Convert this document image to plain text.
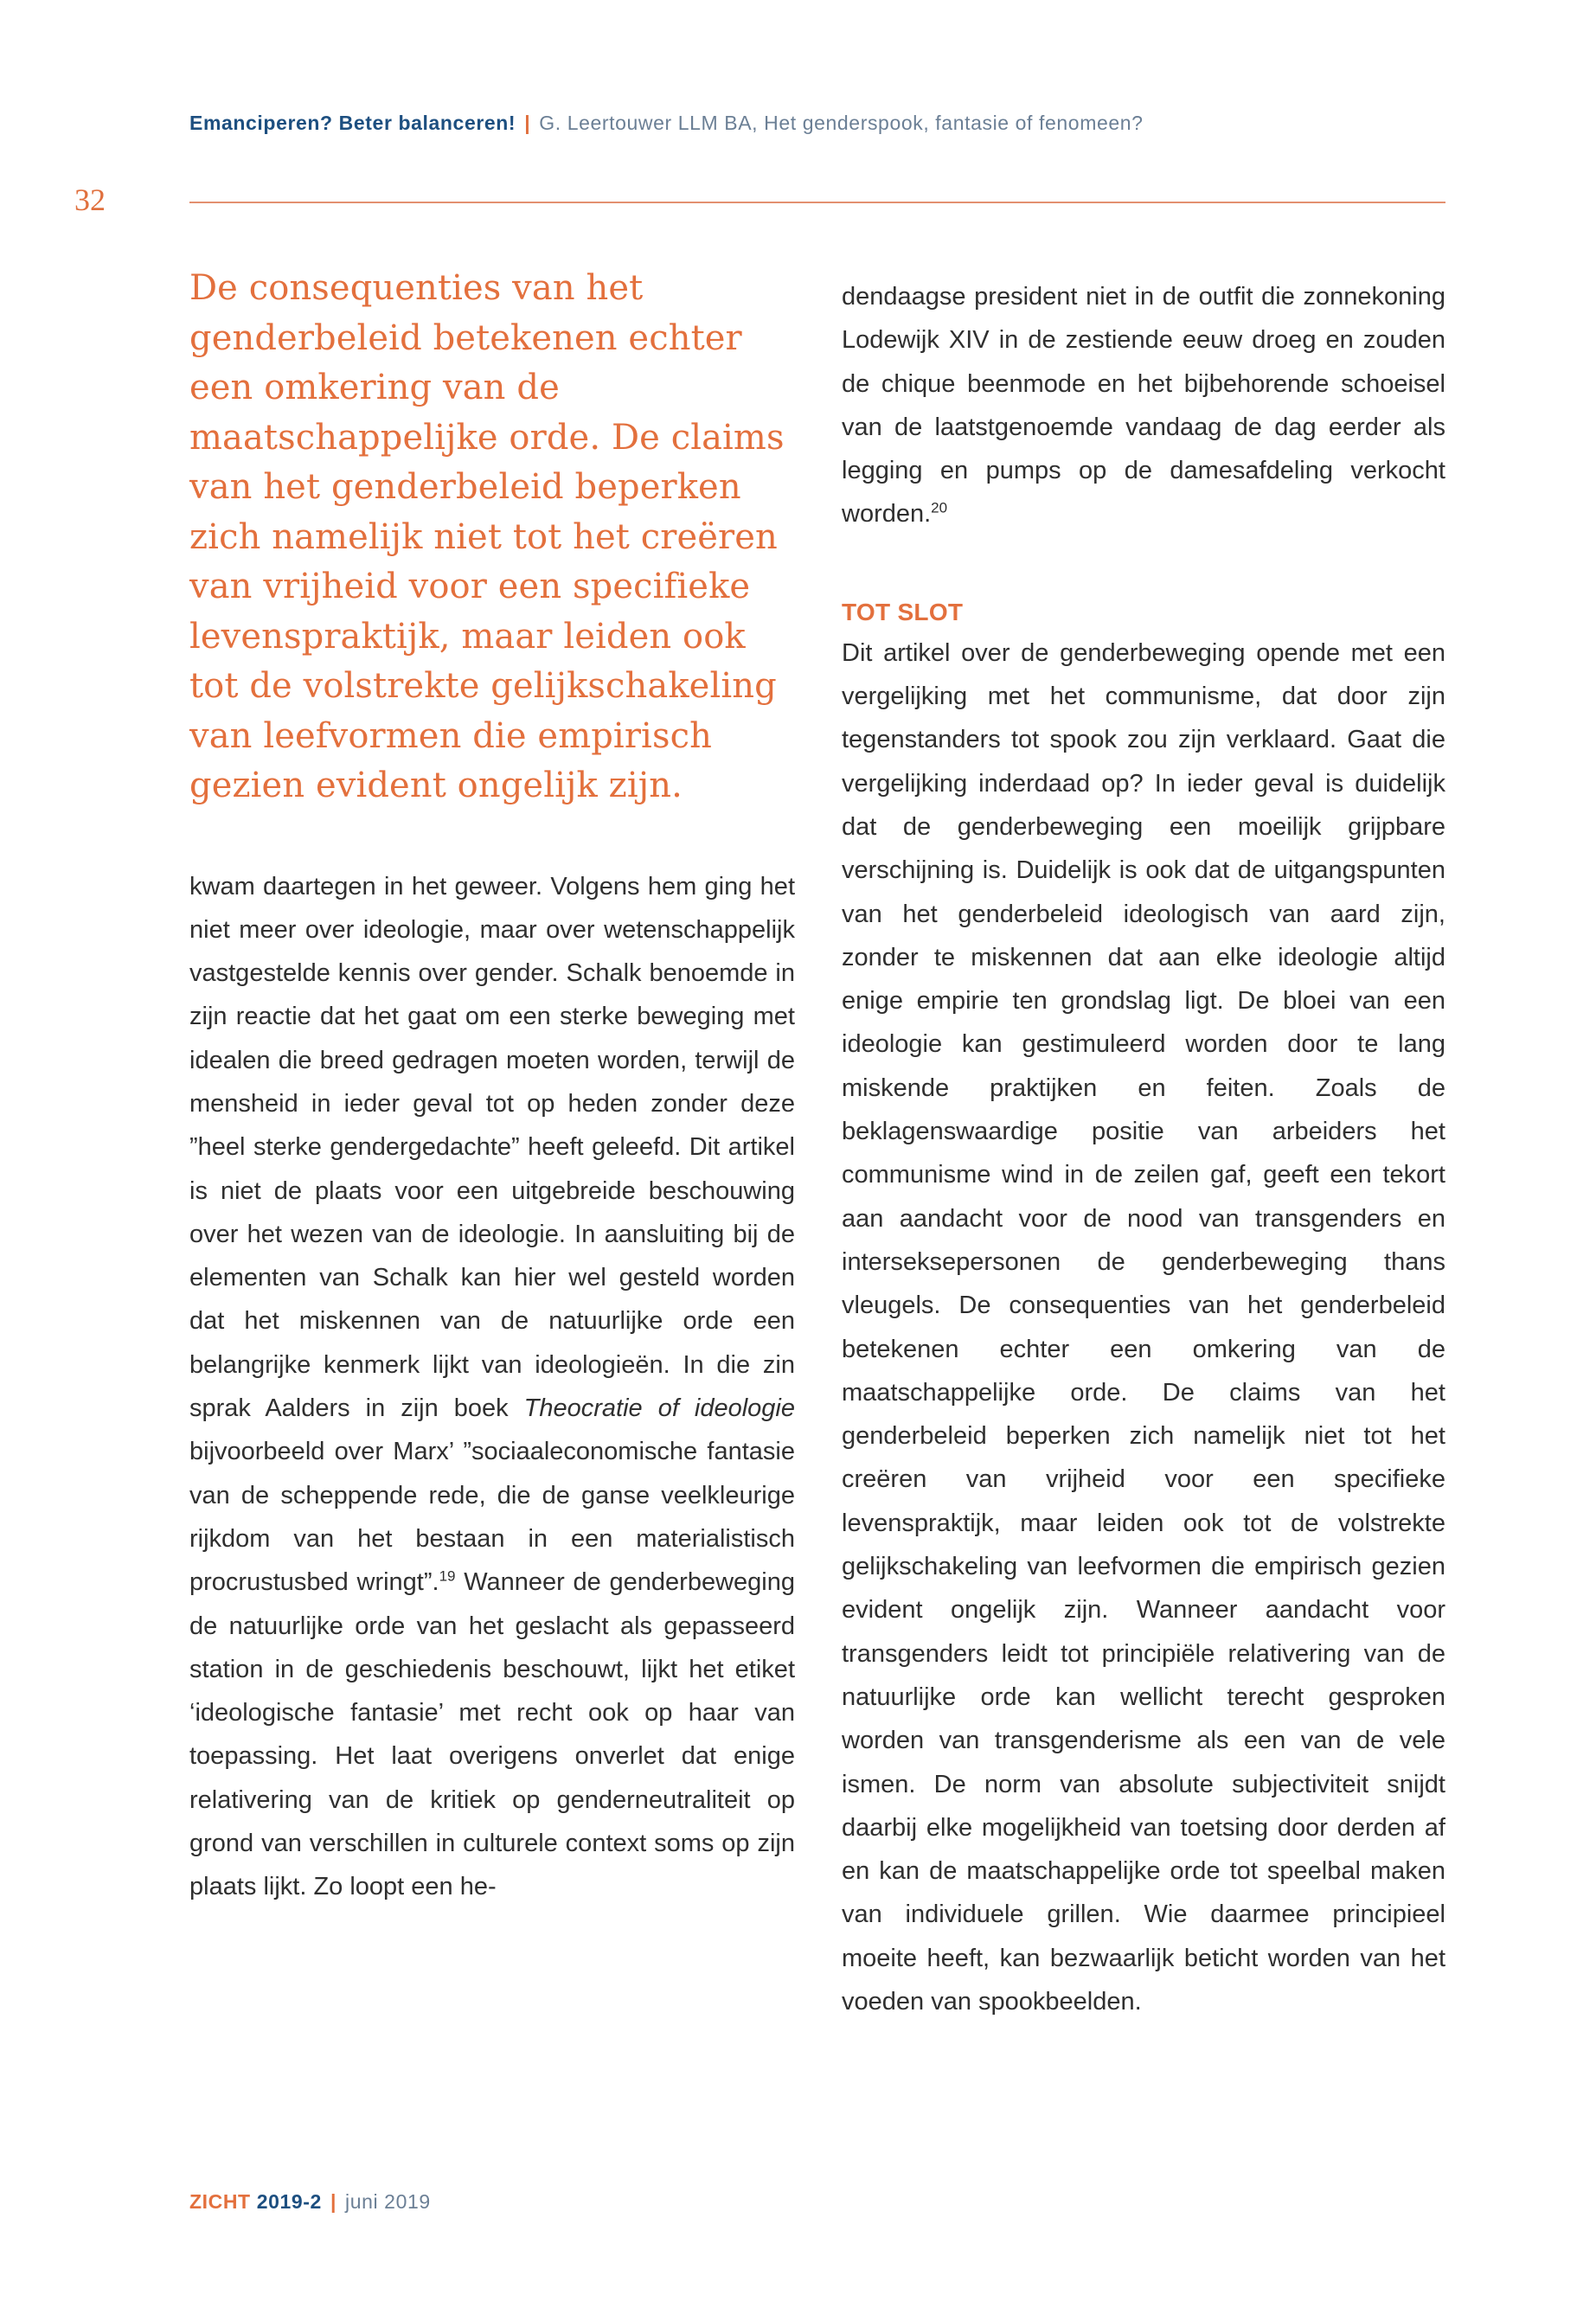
Emanciperen? Beter balanceren! | G. Leertouwer LLM BA, Het genderspook, fantasie of fenomeen?
32

De consequenties van het genderbeleid betekenen echter een omkering van de maatschappelijke orde. De claims van het genderbeleid beperken zich namelijk niet tot het creëren van vrijheid voor een specifieke levenspraktijk, maar leiden ook tot de volstrekte gelijkschakeling van leefvormen die empirisch gezien evident ongelijk zijn.

kwam daartegen in het geweer. Volgens hem ging het niet meer over ideologie, maar over wetenschappelijk vastgestelde kennis over gender. Schalk benoemde in zijn reactie dat het gaat om een sterke beweging met idealen die breed gedragen moeten worden, terwijl de mensheid in ieder geval tot op heden zonder deze ”heel sterke gendergedachte” heeft geleefd. Dit artikel is niet de plaats voor een uitgebreide beschouwing over het wezen van de ideologie. In aansluiting bij de elementen van Schalk kan hier wel gesteld worden dat het miskennen van de natuurlijke orde een belangrijke kenmerk lijkt van ideologieën. In die zin sprak Aalders in zijn boek Theocratie of ideologie bijvoorbeeld over Marx’ ”sociaaleconomische fantasie van de scheppende rede, die de ganse veelkleurige rijkdom van het bestaan in een materialistisch procrustusbed wringt”.$^{19}$ Wanneer de genderbeweging de natuurlijke orde van het geslacht als gepasseerd station in de geschiedenis beschouwt, lijkt het etiket ‘ideologische fantasie’ met recht ook op haar van toepassing. Het laat overigens onverlet dat enige relativering van de kritiek op genderneutraliteit op grond van verschillen in culturele context soms op zijn plaats lijkt. Zo loopt een he-

dendaagse president niet in de outfit die zonnekoning Lodewijk XIV in de zestiende eeuw droeg en zouden de chique beenmode en het bijbehorende schoeisel van de laatstgenoemde vandaag de dag eerder als legging en pumps op de damesafdeling verkocht worden.$^{20}$

TOT SLOT

Dit artikel over de genderbeweging opende met een vergelijking met het communisme, dat door zijn tegenstanders tot spook zou zijn verklaard. Gaat die vergelijking inderdaad op? In ieder geval is duidelijk dat de genderbeweging een moeilijk grijpbare verschijning is. Duidelijk is ook dat de uitgangspunten van het genderbeleid ideologisch van aard zijn, zonder te miskennen dat aan elke ideologie altijd enige empirie ten grondslag ligt. De bloei van een ideologie kan gestimuleerd worden door te lang miskende praktijken en feiten. Zoals de beklagenswaardige positie van arbeiders het communisme wind in de zeilen gaf, geeft een tekort aan aandacht voor de nood van transgenders en interseksepersonen de genderbeweging thans vleugels. De consequenties van het genderbeleid betekenen echter een omkering van de maatschappelijke orde. De claims van het genderbeleid beperken zich namelijk niet tot het creëren van vrijheid voor een specifieke levenspraktijk, maar leiden ook tot de volstrekte gelijkschakeling van leefvormen die empirisch gezien evident ongelijk zijn. Wanneer aandacht voor transgenders leidt tot principiële relativering van de natuurlijke orde kan wellicht terecht gesproken worden van transgenderisme als een van de vele ismen. De norm van absolute subjectiviteit snijdt daarbij elke mogelijkheid van toetsing door derden af en kan de maatschappelijke orde tot speelbal maken van individuele grillen. Wie daarmee principieel moeite heeft, kan bezwaarlijk beticht worden van het voeden van spookbeelden.

ZICHT 2019-2 | juni 2019
